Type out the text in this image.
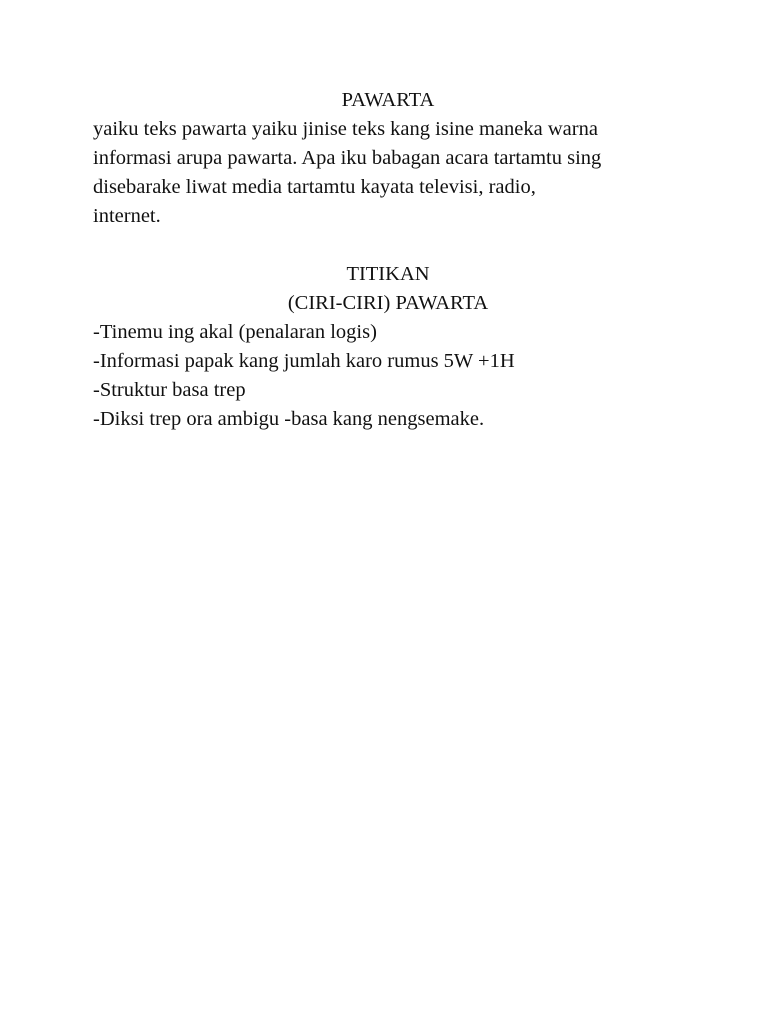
PAWARTA

yaiku teks pawarta yaiku jinise teks kang isine maneka warna

informasi arupa pawarta. Apa iku babagan acara tartamtu sing

disebarake liwat media tartamtu kayata televisi, radio,

internet.

TITIKAN
(CIRI-CIRI) PAWARTA

-Tinemu ing akal (penalaran logis)

-Informasi papak kang jumlah karo rumus 5W +1H

-Struktur basa trep

-Diksi trep ora ambigu -basa kang nengsemake.
